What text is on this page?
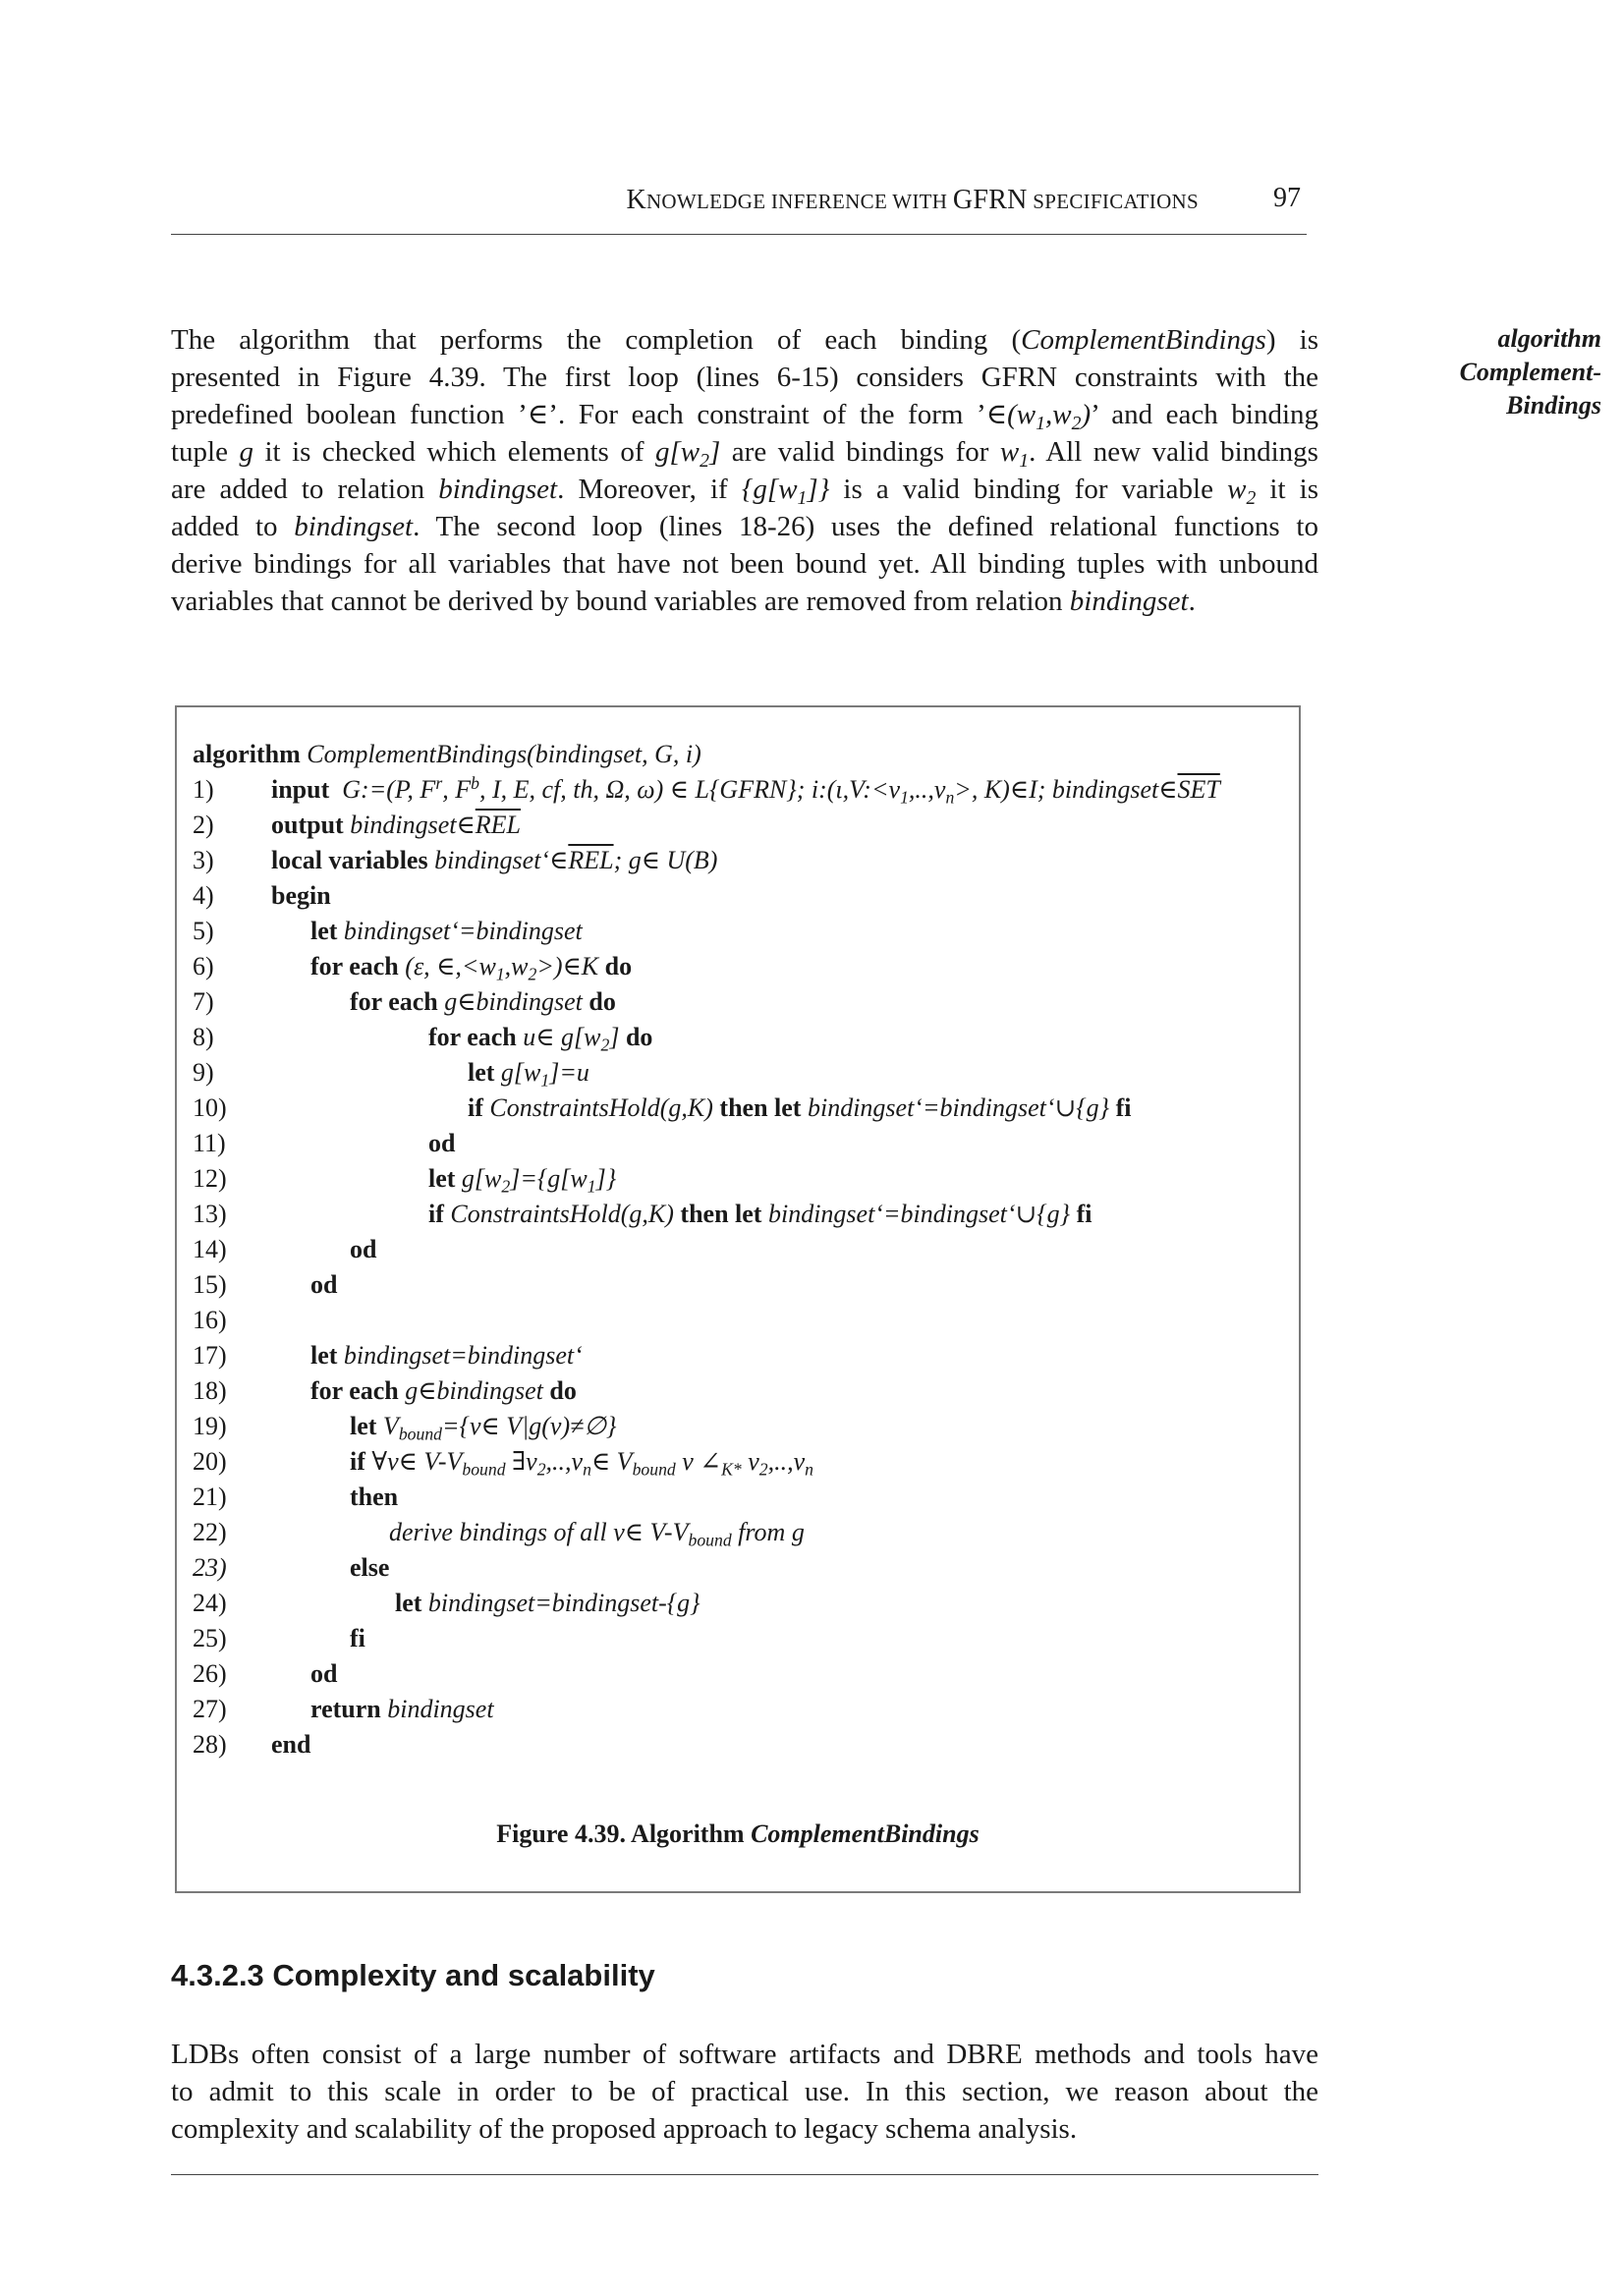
KNOWLEDGE INFERENCE WITH GFRN SPECIFICATIONS	97
algorithm
Complement-
Bindings
The algorithm that performs the completion of each binding (ComplementBindings) is
presented in Figure 4.39. The first loop (lines 6-15) considers GFRN constraints with the
predefined boolean function ’∈’. For each constraint of the form $’\in(w_1,w_2)$’ and each binding
tuple g it is checked which elements of $g[w_2]$ are valid bindings for $w_1$. All new valid bindings
are added to relation bindingset. Moreover, if $\{g[w_1]\}$ is a valid binding for variable $w_2$ it is
added to bindingset. The second loop (lines 18-26) uses the defined relational functions to
derive bindings for all variables that have not been bound yet. All binding tuples with unbound
variables that cannot be derived by bound variables are removed from relation bindingset.
algorithm ComplementBindings(bindingset, G, i)
1)	input G:=(P, $F^r$, $F^b$, I, E, cf, th, Ω, ω) ∈ L{GFRN}; $i:(\iota,V:<v_1,..,v_n>$, K)∈I; $bindingset\in\overline{SET}$
2)	output $bindingset\in\overline{REL}$
3)	local variables $bindingset‘\in\overline{REL}$; g∈ U(B)
4)	begin
5)	let bindingset‘=bindingset
6)	for each (ε, $\in,<w_1,w_2>)\in K$ do
7)	for each g∈bindingset do
8)	for each u∈ $g[w_2]$ do
9)	let $g[w_1]=u$
10)	if ConstraintsHold(g,K) then let bindingset‘=bindingset‘∪{g} fi
11)	od
12)	let $g[w_2]=\{g[w_1]\}$
13)	if ConstraintsHold(g,K) then let bindingset‘=bindingset‘∪{g} fi
14)	od
15)	od
16)
17)	let bindingset=bindingset‘
18)	for each g∈bindingset do
19)	let $V_{bound}=\{v\in$ V|g(v)≠∅}
20)	if ∀v∈ $V-V_{bound}$ $\exists v_2,..,v_n\in$ $V_{bound}$ v $\angle_{K*}$ $v_2,..,v_n$
21)	then
22)	derive bindings of all v∈ $V-V_{bound}$ from g
23)	else
24)	let bindingset=bindingset-{g}
25)	fi
26)	od
27)	return bindingset
28)	end
Figure 4.39. Algorithm ComplementBindings
4.3.2.3 Complexity and scalability
LDBs often consist of a large number of software artifacts and DBRE methods and tools have
to admit to this scale in order to be of practical use. In this section, we reason about the
complexity and scalability of the proposed approach to legacy schema analysis.
